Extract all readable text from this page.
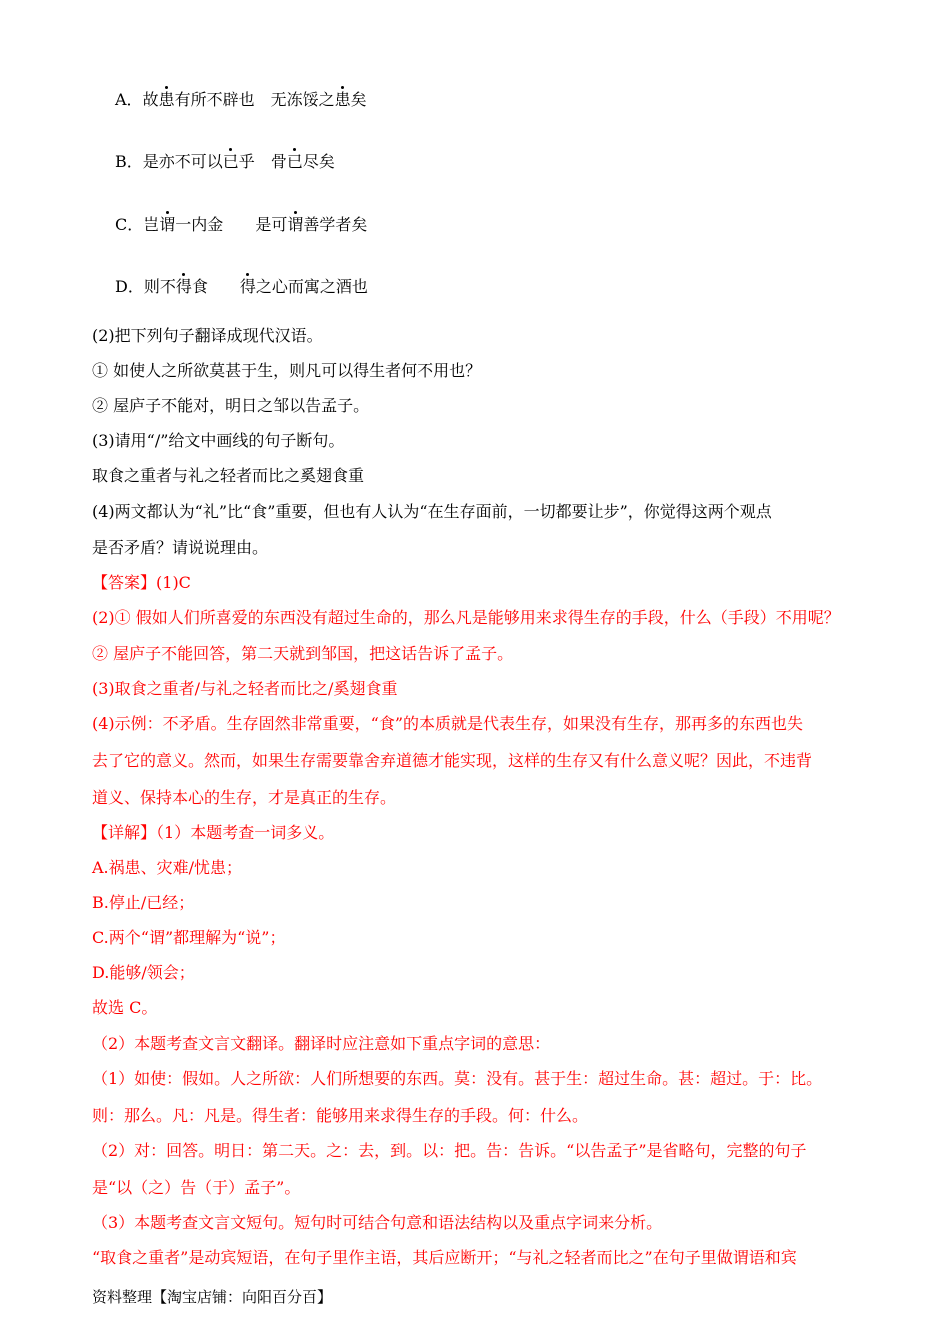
A．故患有所不辟也　 无冻馁之患矣
B．是亦不可以已乎　 骨已尽矣
C．岂谓一内金　　 是可谓善学者矣
D．则不得食　　 得之心而寓之酒也
(2)把下列句子翻译成现代汉语。
① 如使人之所欲莫甚于生，则凡可以得生者何不用也？
② 屋庐子不能对，明日之邹以告孟子。
(3)请用“/”给文中画线的句子断句。
取食之重者与礼之轻者而比之奚翅食重
(4)两文都认为“礼”比“食”重要，但也有人认为“在生存面前，一切都要让步”，你觉得这两个观点
是否矛盾？请说说理由。
【答案】(1)C
(2)① 假如人们所喜爱的东西没有超过生命的，那么凡是能够用来求得生存的手段，什么（手段）不用呢？
② 屋庐子不能回答，第二天就到邹国，把这话告诉了孟子。
(3)取食之重者/与礼之轻者而比之/奚翅食重
(4)示例：不矛盾。生存固然非常重要，“食”的本质就是代表生存，如果没有生存，那再多的东西也失
去了它的意义。然而，如果生存需要靠舍弃道德才能实现，这样的生存又有什么意义呢？因此，不违背
道义、保持本心的生存，才是真正的生存。
【详解】（1）本题考查一词多义。
A.祸患、灾难/忧患；
B.停止/已经；
C.两个“谓”都理解为“说”；
D.能够/领会；
故选 C。
（2）本题考查文言文翻译。翻译时应注意如下重点字词的意思：
（1）如使：假如。人之所欲：人们所想要的东西。莫：没有。甚于生：超过生命。甚：超过。于：比。
则：那么。凡：凡是。得生者：能够用来求得生存的手段。何：什么。
（2）对：回答。明日：第二天。之：去，到。以：把。告：告诉。“以告孟子”是省略句，完整的句子
是“以（之）告（于）孟子”。
（3）本题考查文言文短句。短句时可结合句意和语法结构以及重点字词来分析。
“取食之重者”是动宾短语，在句子里作主语，其后应断开；“与礼之轻者而比之”在句子里做谓语和宾
资料整理【淘宝店铺：向阳百分百】
